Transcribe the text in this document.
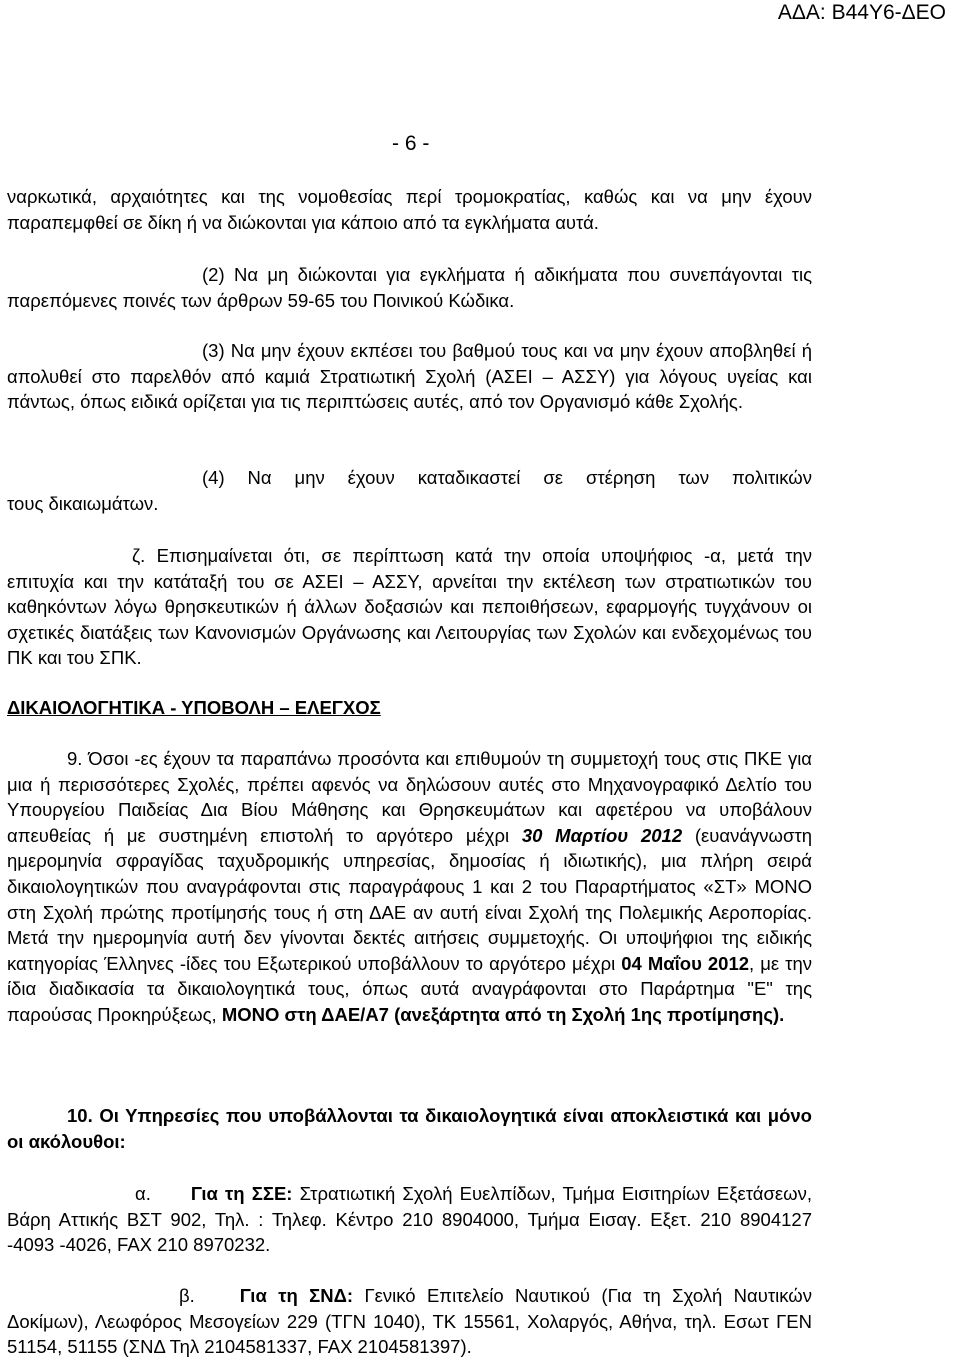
ΑΔΑ: Β44Υ6-ΔΕΟ
- 6 -

ναρκωτικά, αρχαιότητες και της νομοθεσίας περί τρομοκρατίας, καθώς και να μην έχουν παραπεμφθεί σε δίκη ή να διώκονται για κάποιο από τα εγκλήματα αυτά.

(2) Να μη διώκονται για εγκλήματα ή αδικήματα που συνεπάγονται τις παρεπόμενες ποινές των άρθρων 59-65 του Ποινικού Κώδικα.

(3) Να μην έχουν εκπέσει του βαθμού τους και να μην έχουν αποβληθεί ή απολυθεί στο παρελθόν από καμιά Στρατιωτική Σχολή (ΑΣΕΙ – ΑΣΣΥ) για λόγους υγείας και πάντως, όπως ειδικά ορίζεται για τις περιπτώσεις αυτές, από τον Οργανισμό κάθε Σχολής.

(4) Να μην έχουν καταδικαστεί σε στέρηση των πολιτικών

τους δικαιωμάτων.

ζ. Επισημαίνεται ότι, σε περίπτωση κατά την οποία υποψήφιος -α, μετά την επιτυχία και την κατάταξή του σε ΑΣΕΙ – ΑΣΣΥ, αρνείται την εκτέλεση των στρατιωτικών του καθηκόντων λόγω θρησκευτικών ή άλλων δοξασιών και πεποιθήσεων, εφαρμογής τυγχάνουν οι σχετικές διατάξεις των Κανονισμών Οργάνωσης και Λειτουργίας των Σχολών και ενδεχομένως του ΠΚ και του ΣΠΚ.

ΔΙΚΑΙΟΛΟΓΗΤΙΚΑ - ΥΠΟΒΟΛΗ – ΕΛΕΓΧΟΣ

9. Όσοι -ες έχουν τα παραπάνω προσόντα και επιθυμούν τη συμμετοχή τους στις ΠΚΕ για μια ή περισσότερες Σχολές, πρέπει αφενός να δηλώσουν αυτές στο Μηχανογραφικό Δελτίο του Υπουργείου Παιδείας Δια Βίου Μάθησης και Θρησκευμάτων και αφετέρου να υποβάλουν απευθείας ή με συστημένη επιστολή το αργότερο μέχρι 30 Μαρτίου 2012 (ευανάγνωστη ημερομηνία σφραγίδας ταχυδρομικής υπηρεσίας, δημοσίας ή ιδιωτικής), μια πλήρη σειρά δικαιολογητικών που αναγράφονται στις παραγράφους 1 και 2 του Παραρτήματος «ΣΤ» ΜΟΝΟ στη Σχολή πρώτης προτίμησής τους ή στη ΔΑΕ αν αυτή είναι Σχολή της Πολεμικής Αεροπορίας. Μετά την ημερομηνία αυτή δεν γίνονται δεκτές αιτήσεις συμμετοχής. Οι υποψήφιοι της ειδικής κατηγορίας Έλληνες -ίδες του Εξωτερικού υποβάλλουν το αργότερο μέχρι 04 Μαΐου 2012, με την ίδια διαδικασία τα δικαιολογητικά τους, όπως αυτά αναγράφονται στο Παράρτημα "Ε" της παρούσας Προκηρύξεως, ΜΟΝΟ στη ΔΑΕ/Α7 (ανεξάρτητα από τη Σχολή 1ης προτίμησης).

10. Οι Υπηρεσίες που υποβάλλονται τα δικαιολογητικά είναι αποκλειστικά και μόνο οι ακόλουθοι:

α. Για τη ΣΣΕ: Στρατιωτική Σχολή Ευελπίδων, Τμήμα Εισιτηρίων Εξετάσεων, Βάρη Αττικής ΒΣΤ 902, Τηλ. : Τηλεφ. Κέντρο 210 8904000, Τμήμα Εισαγ. Εξετ. 210 8904127 -4093 -4026, FAX 210 8970232.

β. Για τη ΣΝΔ: Γενικό Επιτελείο Ναυτικού (Για τη Σχολή Ναυτικών Δοκίμων), Λεωφόρος Μεσογείων 229 (ΤΓΝ 1040), ΤΚ 15561, Χολαργός, Αθήνα, τηλ. Εσωτ ΓΕΝ 51154, 51155 (ΣΝΔ Τηλ 2104581337, FAX 2104581397).
